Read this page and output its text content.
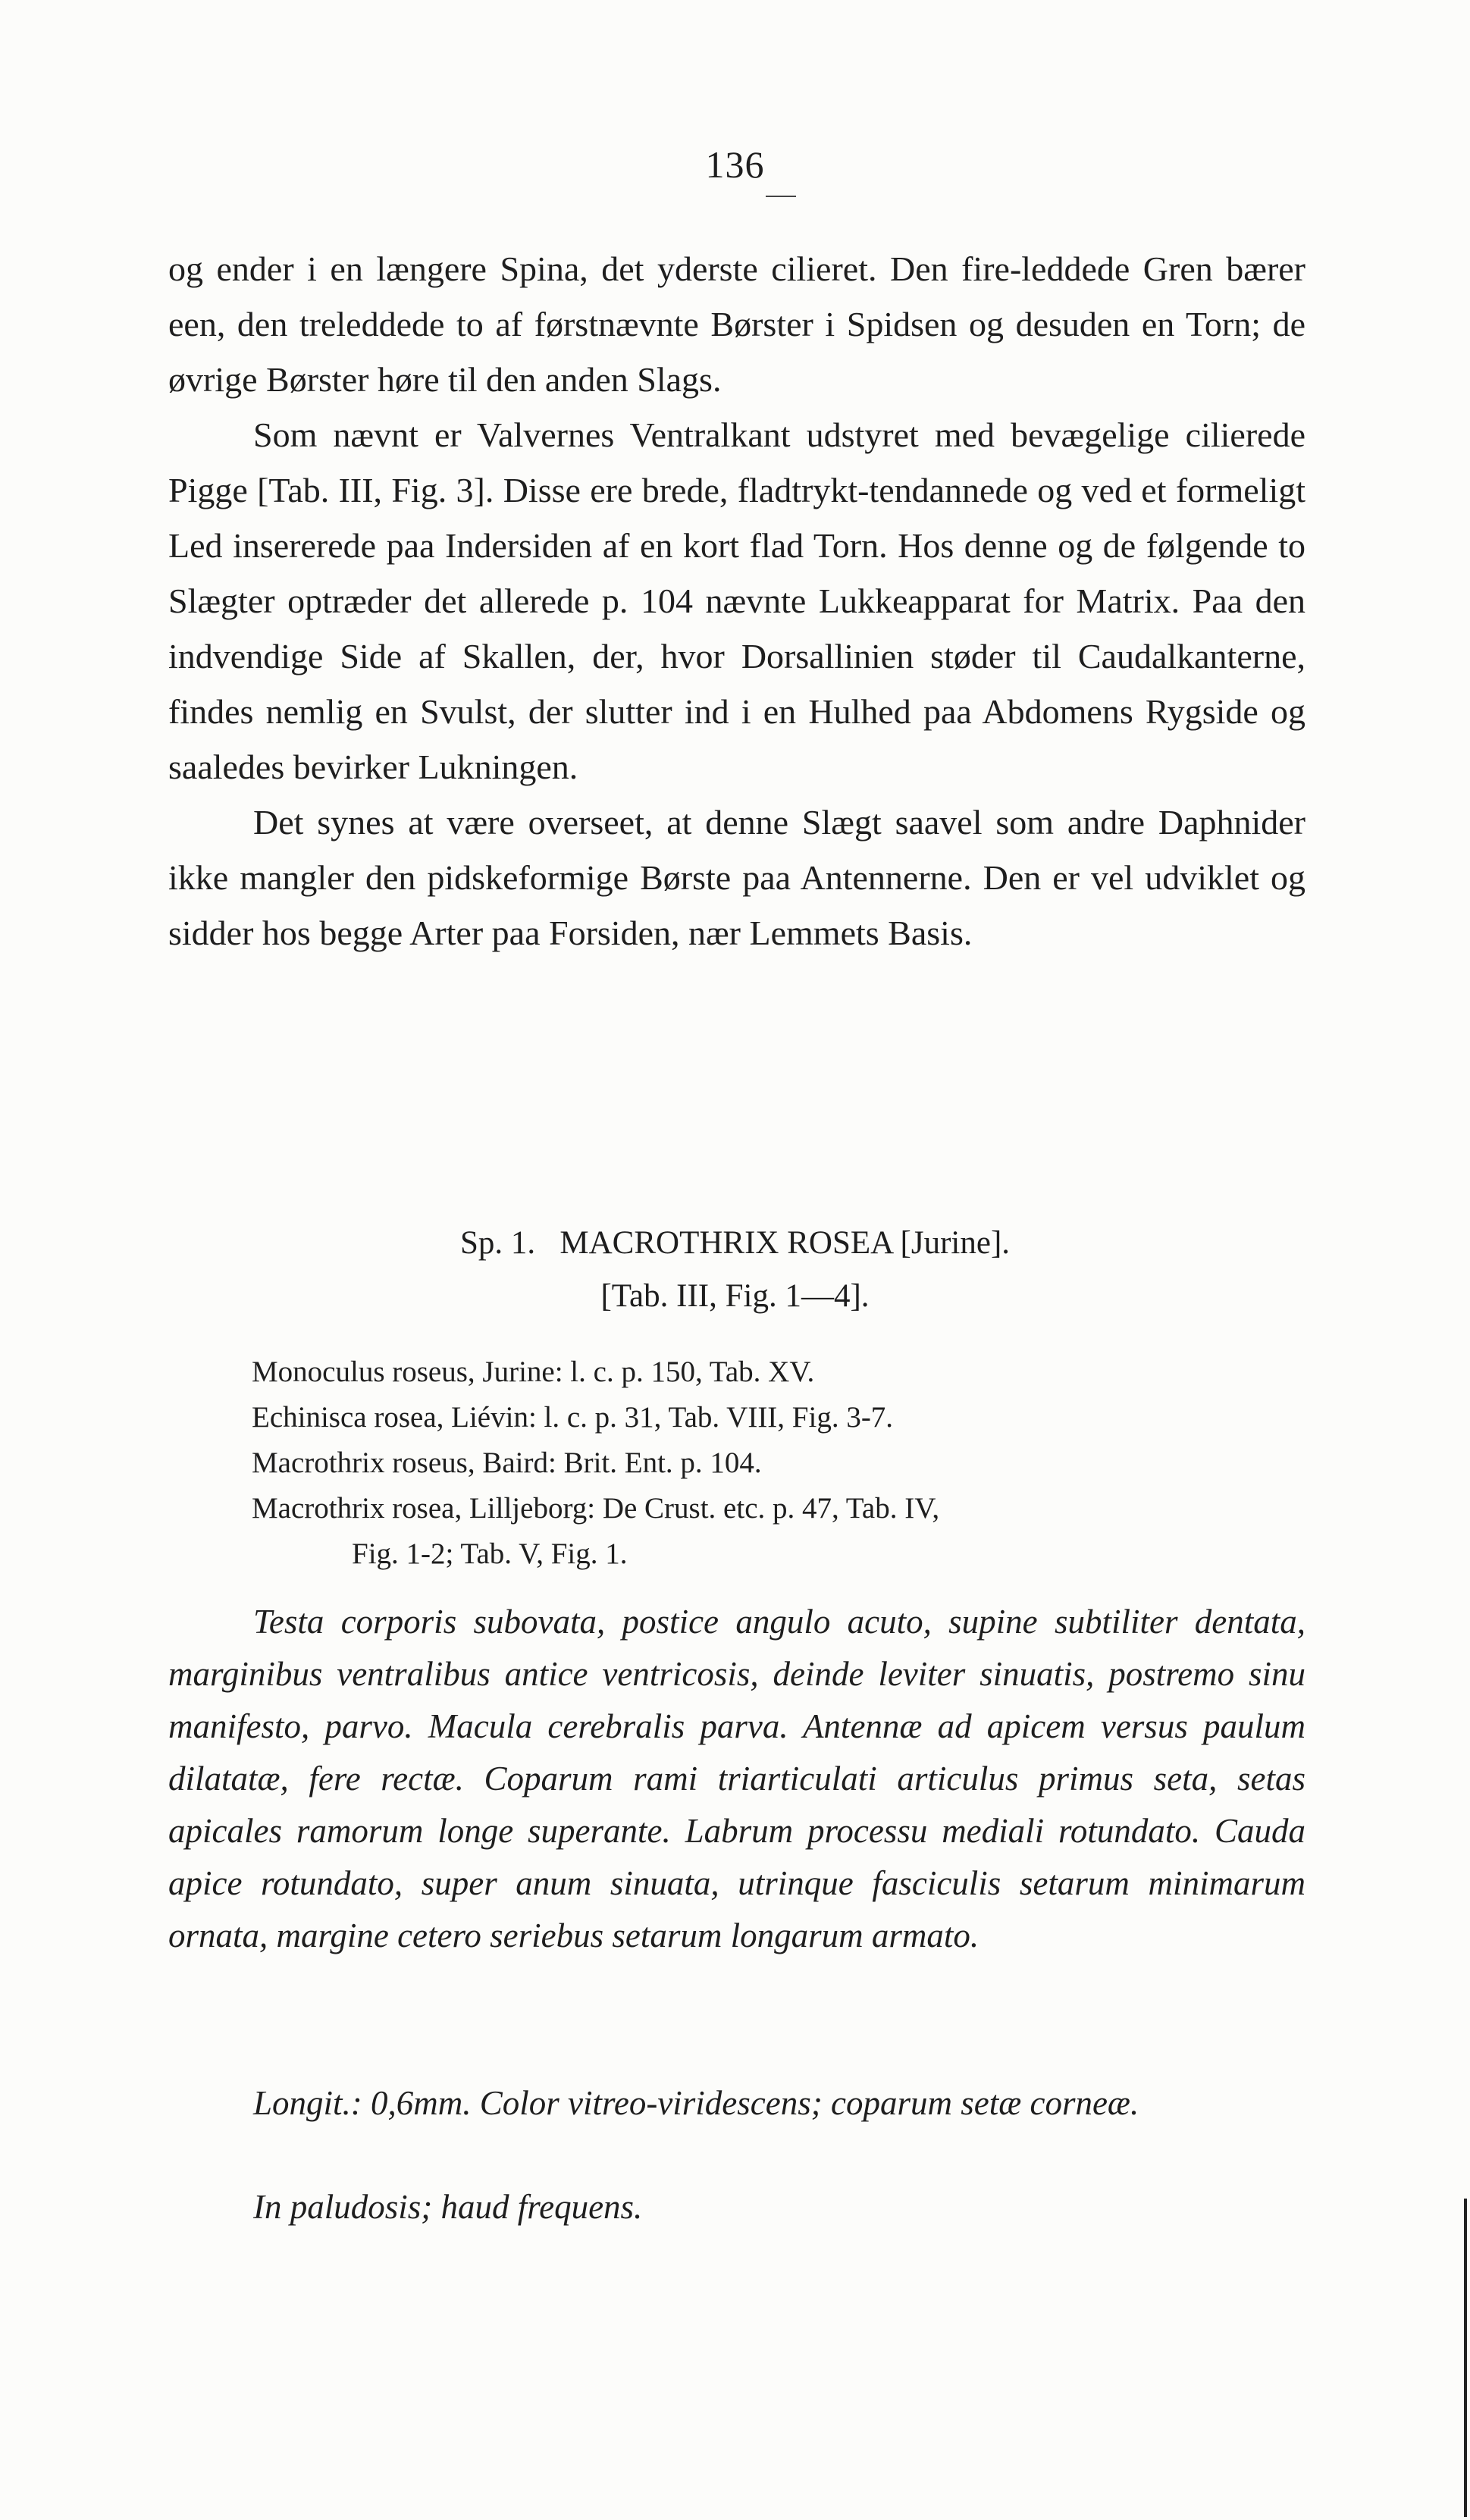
136

og ender i en længere Spina, det yderste cilieret. Den fire-leddede Gren bærer een, den treleddede to af førstnævnte Børster i Spidsen og desuden en Torn; de øvrige Børster høre til den anden Slags.

Som nævnt er Valvernes Ventralkant udstyret med bevægelige cilierede Pigge [Tab. III, Fig. 3]. Disse ere brede, fladtrykt-tendannede og ved et formeligt Led insererede paa Indersiden af en kort flad Torn. Hos denne og de følgende to Slægter optræder det allerede p. 104 nævnte Lukkeapparat for Matrix. Paa den indvendige Side af Skallen, der, hvor Dorsallinien støder til Caudalkanterne, findes nemlig en Svulst, der slutter ind i en Hulhed paa Abdomens Rygside og saaledes bevirker Lukningen.

Det synes at være overseet, at denne Slægt saavel som andre Daphnider ikke mangler den pidskeformige Børste paa Antennerne. Den er vel udviklet og sidder hos begge Arter paa Forsiden, nær Lemmets Basis.

Sp. 1.   MACROTHRIX ROSEA [Jurine].

[Tab. III, Fig. 1—4].

Monoculus roseus, Jurine: l. c. p. 150, Tab. XV.

Echinisca rosea, Liévin: l. c. p. 31, Tab. VIII, Fig. 3-7.

Macrothrix roseus, Baird: Brit. Ent. p. 104.

Macrothrix rosea, Lilljeborg: De Crust. etc. p. 47, Tab. IV,

Fig. 1-2; Tab. V, Fig. 1.

Testa corporis subovata, postice angulo acuto, supine subtiliter dentata, marginibus ventralibus antice ventricosis, deinde leviter sinuatis, postremo sinu manifesto, parvo. Macula cerebralis parva. Antennæ ad apicem versus paulum dilatatæ, fere rectæ. Coparum rami triarticulati articulus primus seta, setas apicales ramorum longe superante. Labrum processu mediali rotundato. Cauda apice rotundato, super anum sinuata, utrinque fasciculis setarum minimarum ornata, margine cetero seriebus setarum longarum armato.

Longit.: 0,6mm. Color vitreo-viridescens; coparum setæ corneæ.

In paludosis; haud frequens.
